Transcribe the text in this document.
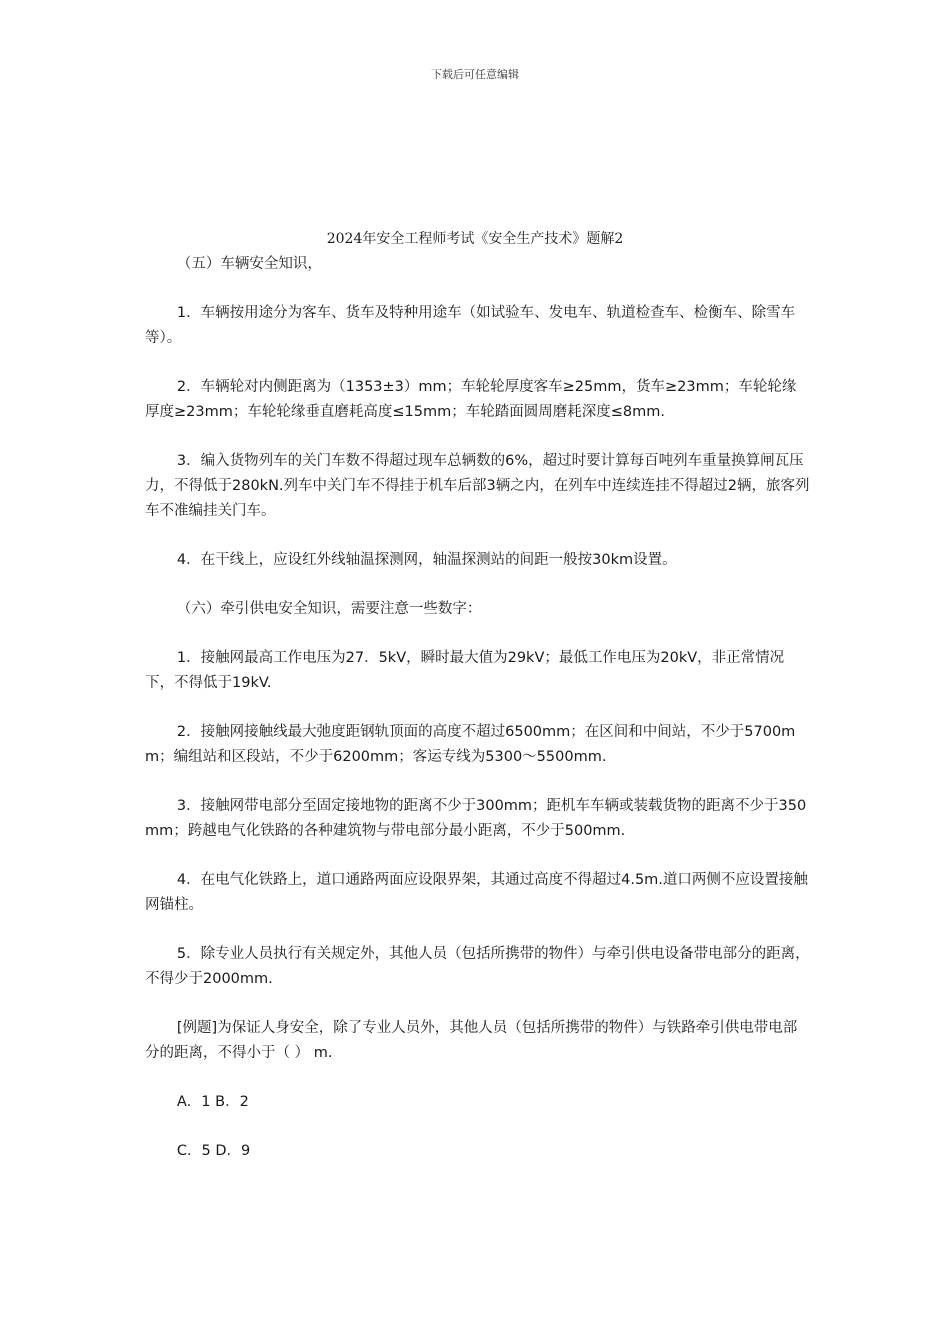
下载后可任意编辑
2024年安全工程师考试《安全生产技术》题解2

（五）车辆安全知识，

1．车辆按用途分为客车、货车及特种用途车（如试验车、发电车、轨道检查车、检衡车、除雪车等）。

2．车辆轮对内侧距离为（1353±3）mm；车轮轮厚度客车≥25mm，货车≥23mm；车轮轮缘厚度≥23mm；车轮轮缘垂直磨耗高度≤15mm；车轮踏面圆周磨耗深度≤8mm.

3．编入货物列车的关门车数不得超过现车总辆数的6%，超过时要计算每百吨列车重量换算闸瓦压力，不得低于280kN.列车中关门车不得挂于机车后部3辆之内，在列车中连续连挂不得超过2辆，旅客列车不准编挂关门车。

4．在干线上，应设红外线轴温探测网，轴温探测站的间距一般按30km设置。

（六）牵引供电安全知识，需要注意一些数字：

1．接触网最高工作电压为27．5kV，瞬时最大值为29kV；最低工作电压为20kV，非正常情况下，不得低于19kV.

2．接触网接触线最大弛度距钢轨顶面的高度不超过6500mm；在区间和中间站，不少于5700mm；编组站和区段站，不少于6200mm；客运专线为5300～5500mm.

3．接触网带电部分至固定接地物的距离不少于300mm；距机车车辆或装载货物的距离不少于350mm；跨越电气化铁路的各种建筑物与带电部分最小距离，不少于500mm.

4．在电气化铁路上，道口通路两面应设限界架，其通过高度不得超过4.5m.道口两侧不应设置接触网锚柱。

5．除专业人员执行有关规定外，其他人员（包括所携带的物件）与牵引供电设备带电部分的距离，不得少于2000mm.

[例题]为保证人身安全，除了专业人员外，其他人员（包括所携带的物件）与铁路牵引供电带电部分的距离，不得小于（ ） m.

A．1 B．2

C．5 D．9
